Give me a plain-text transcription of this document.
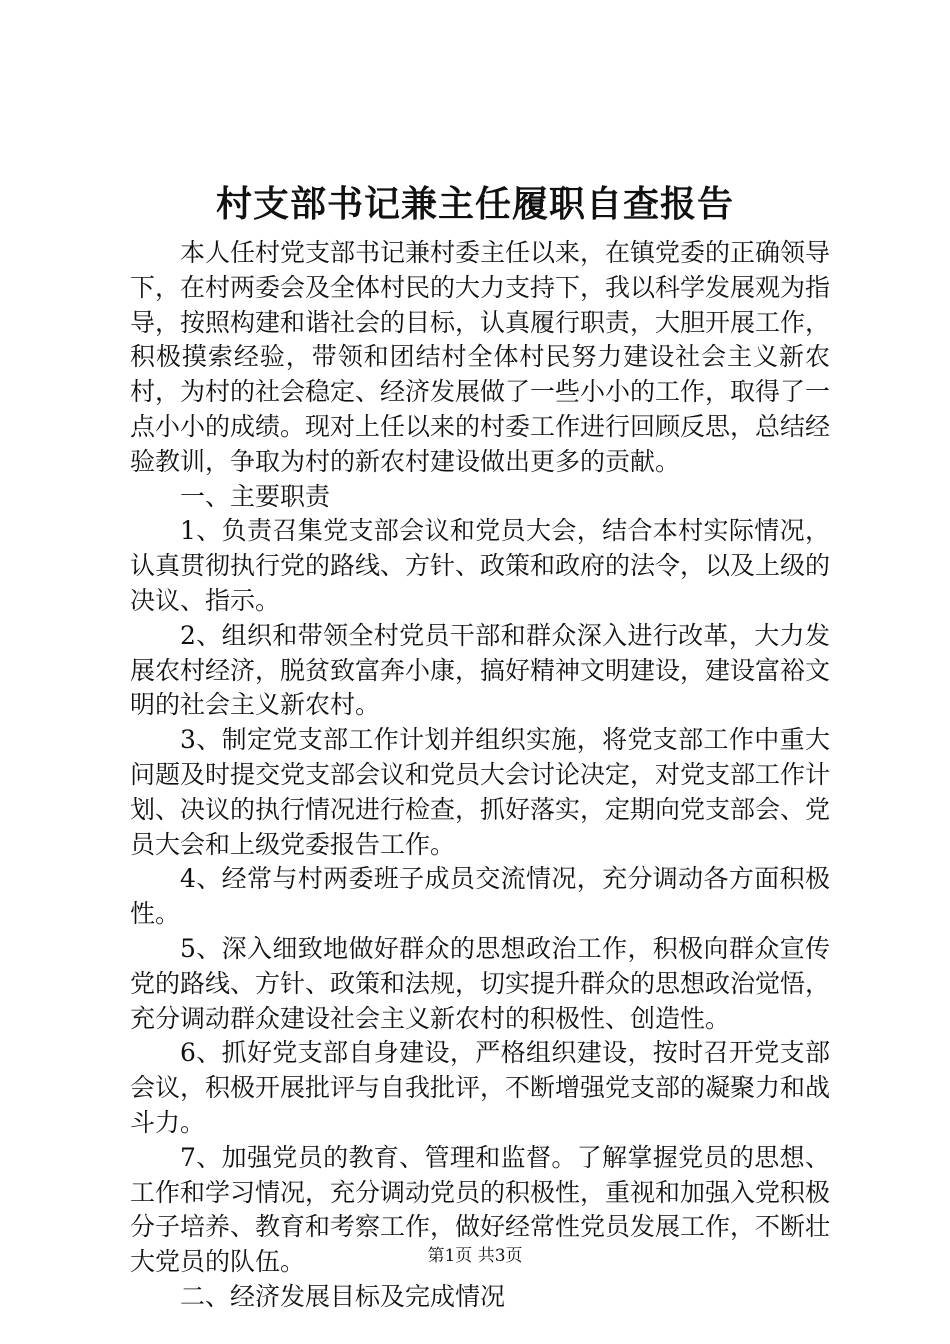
村支部书记兼主任履职自查报告

本人任村党支部书记兼村委主任以来，在镇党委的正确领导下，在村两委会及全体村民的大力支持下，我以科学发展观为指导，按照构建和谐社会的目标，认真履行职责，大胆开展工作，积极摸索经验，带领和团结村全体村民努力建设社会主义新农村，为村的社会稳定、经济发展做了一些小小的工作，取得了一点小小的成绩。现对上任以来的村委工作进行回顾反思，总结经验教训，争取为村的新农村建设做出更多的贡献。

一、主要职责

1、负责召集党支部会议和党员大会，结合本村实际情况，认真贯彻执行党的路线、方针、政策和政府的法令，以及上级的决议、指示。

2、组织和带领全村党员干部和群众深入进行改革，大力发展农村经济，脱贫致富奔小康，搞好精神文明建设，建设富裕文明的社会主义新农村。

3、制定党支部工作计划并组织实施，将党支部工作中重大问题及时提交党支部会议和党员大会讨论决定，对党支部工作计划、决议的执行情况进行检查，抓好落实，定期向党支部会、党员大会和上级党委报告工作。

4、经常与村两委班子成员交流情况，充分调动各方面积极性。

5、深入细致地做好群众的思想政治工作，积极向群众宣传党的路线、方针、政策和法规，切实提升群众的思想政治觉悟，充分调动群众建设社会主义新农村的积极性、创造性。

6、抓好党支部自身建设，严格组织建设，按时召开党支部会议，积极开展批评与自我批评，不断增强党支部的凝聚力和战斗力。

7、加强党员的教育、管理和监督。了解掌握党员的思想、工作和学习情况，充分调动党员的积极性，重视和加强入党积极分子培养、教育和考察工作，做好经常性党员发展工作，不断壮大党员的队伍。

二、经济发展目标及完成情况

第1页 共3页
